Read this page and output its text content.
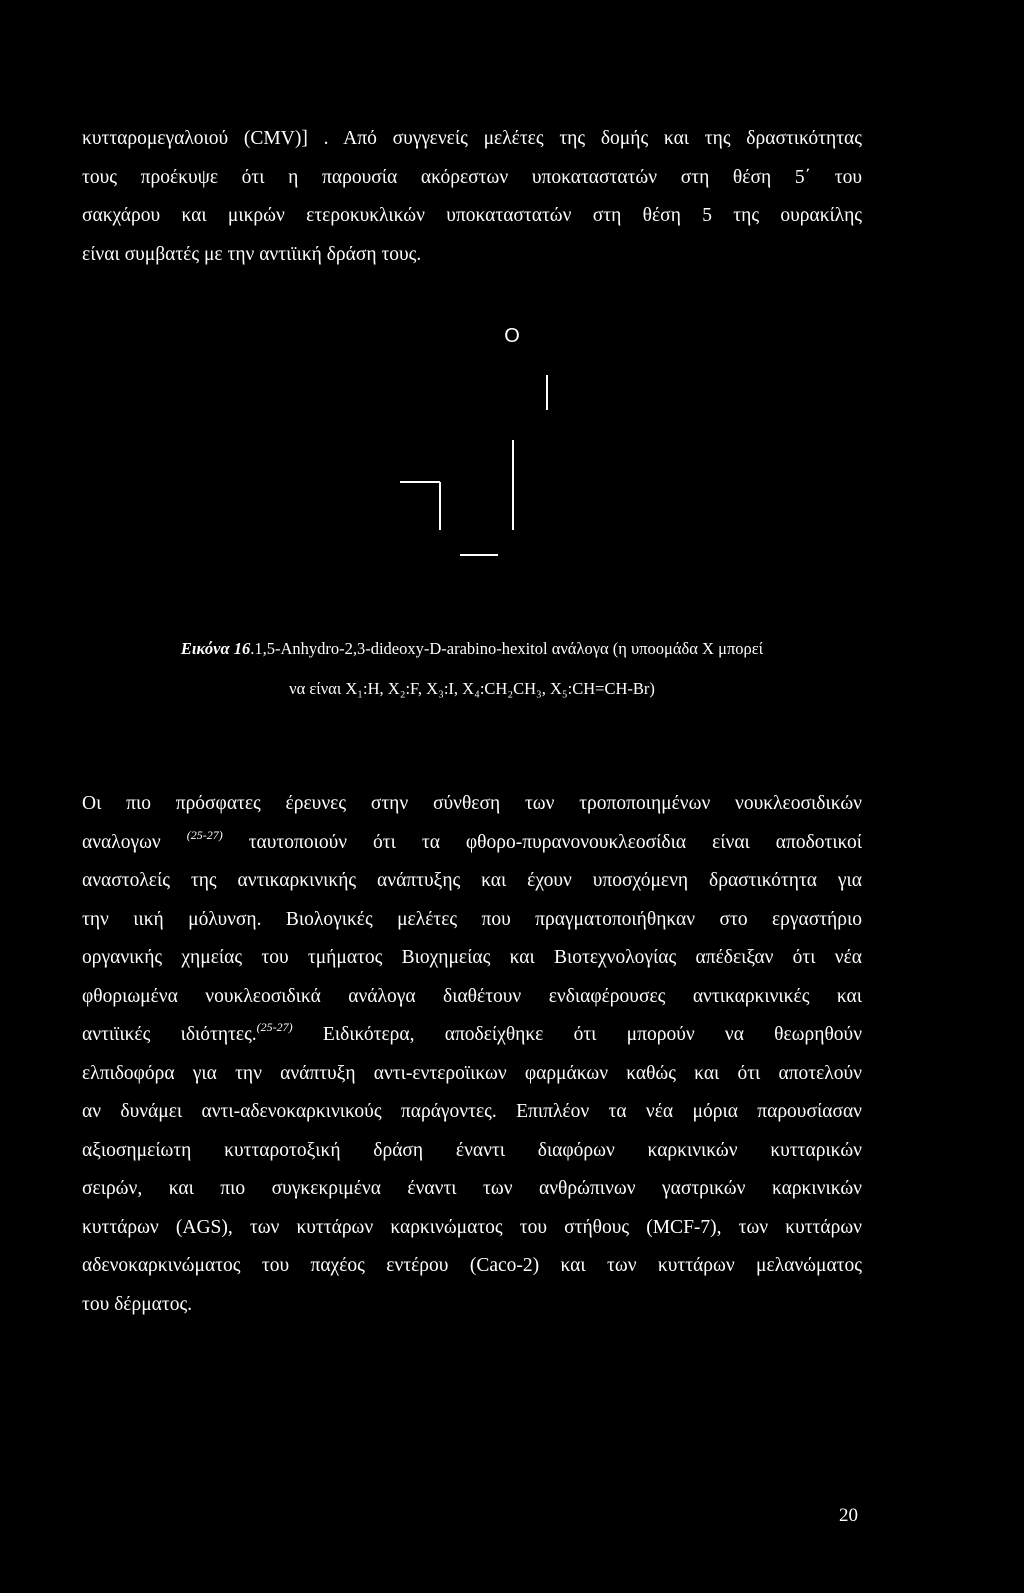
κυτταρομεγαλοιού (CMV)] . Από συγγενείς μελέτες της δομής και της δραστικότητας
τους προέκυψε ότι η παρουσία ακόρεστων υποκαταστατών στη θέση 5΄ του
σακχάρου και μικρών ετεροκυκλικών υποκαταστατών στη θέση 5 της ουρακίλης
είναι συμβατές με την αντιϊική δράση τους.
O
Εικόνα 16.1,5-Anhydro-2,3-dideoxy-D-arabino-hexitol ανάλογα (η υποομάδα X μπορεί
να είναι X₁:H, X₂:F, X₃:I, X₄:CH₂CH₃, X₅:CH=CH-Br)
Οι πιο πρόσφατες έρευνες στην σύνθεση των τροποποιημένων νουκλεοσιδικών
αναλογων $^{(25-27)}$ ταυτοποιούν ότι τα φθορο-πυρανονουκλεοσίδια είναι αποδοτικοί
αναστολείς της αντικαρκινικής ανάπτυξης και έχουν υποσχόμενη δραστικότητα για
την ιική μόλυνση. Βιολογικές μελέτες που πραγματοποιήθηκαν στο εργαστήριο
οργανικής χημείας του τμήματος Βιοχημείας και Βιοτεχνολογίας απέδειξαν ότι νέα
φθοριωμένα νουκλεοσιδικά ανάλογα διαθέτουν ενδιαφέρουσες αντικαρκινικές και
αντιϊικές ιδιότητες.$^{(25-27)}$ Ειδικότερα, αποδείχθηκε ότι μπορούν να θεωρηθούν
ελπιδοφόρα για την ανάπτυξη αντι-εντεροϊικων φαρμάκων καθώς και ότι αποτελούν
αν δυνάμει αντι-αδενοκαρκινικούς παράγοντες. Επιπλέον τα νέα μόρια παρουσίασαν
αξιοσημείωτη κυτταροτοξική δράση έναντι διαφόρων καρκινικών κυτταρικών
σειρών, και πιο συγκεκριμένα έναντι των ανθρώπινων γαστρικών καρκινικών
κυττάρων (AGS), των κυττάρων καρκινώματος του στήθους (MCF-7), των κυττάρων
αδενοκαρκινώματος του παχέος εντέρου (Caco-2) και των κυττάρων μελανώματος
του δέρματος.
20
